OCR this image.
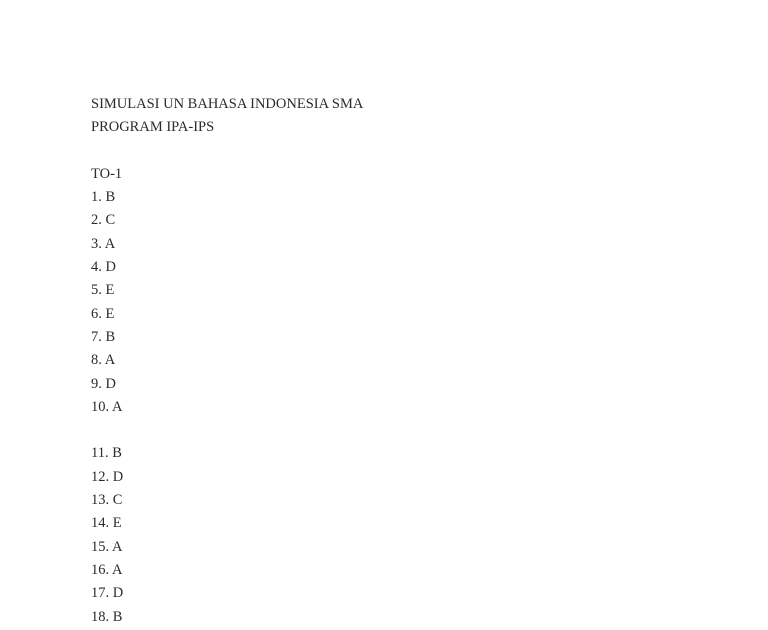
SIMULASI UN BAHASA INDONESIA SMA
PROGRAM IPA-IPS
TO-1
1. B
2. C
3. A
4. D
5. E
6. E
7. B
8. A
9. D
10. A
11. B
12. D
13. C
14. E
15. A
16. A
17. D
18. B
